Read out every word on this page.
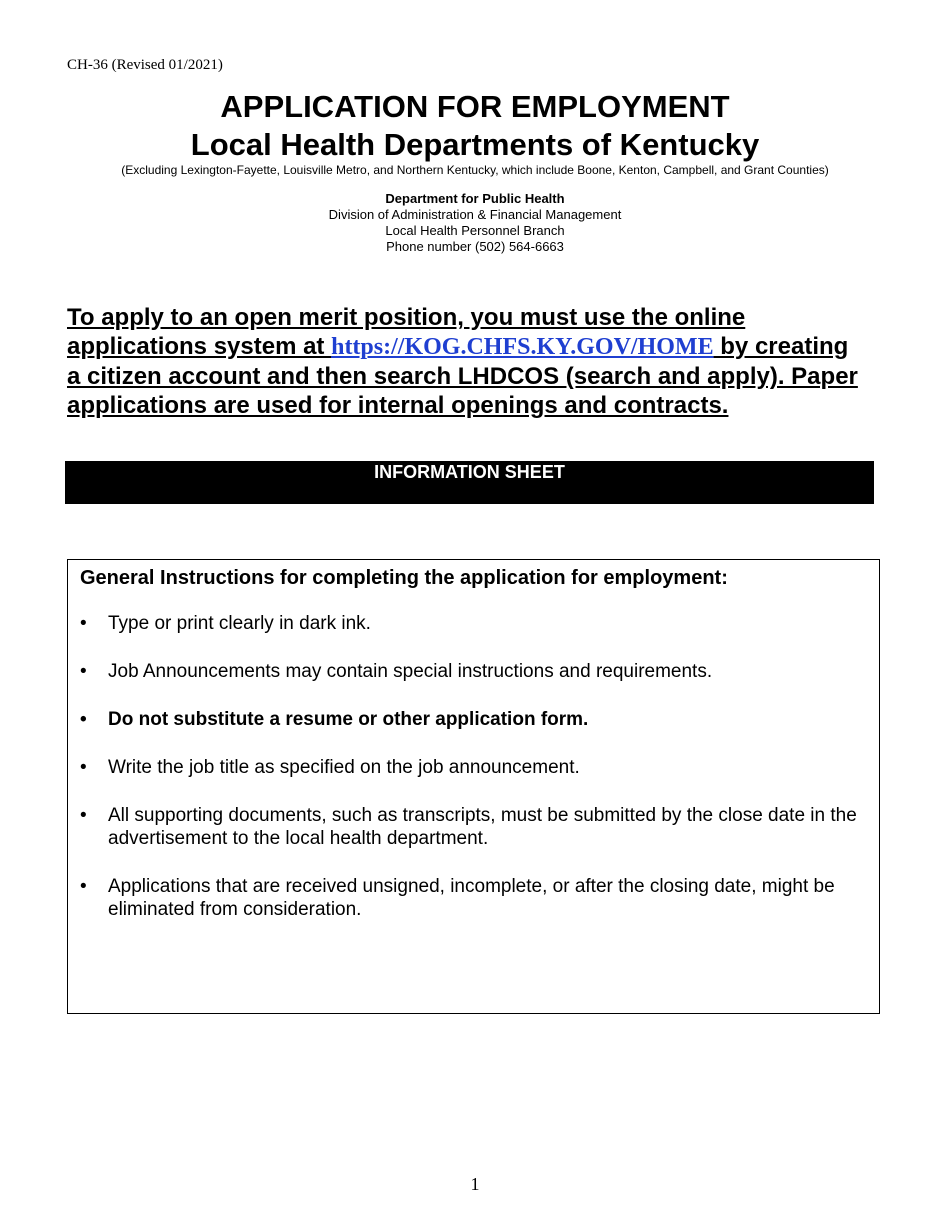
CH-36 (Revised 01/2021)
APPLICATION FOR EMPLOYMENT
Local Health Departments of Kentucky
(Excluding Lexington-Fayette, Louisville Metro, and Northern Kentucky, which include Boone, Kenton, Campbell, and Grant Counties)
Department for Public Health
Division of Administration & Financial Management
Local Health Personnel Branch
Phone number (502) 564-6663
To apply to an open merit position, you must use the online applications system at https://KOG.CHFS.KY.GOV/HOME by creating a citizen account and then search LHDCOS (search and apply). Paper applications are used for internal openings and contracts.
INFORMATION SHEET
General Instructions for completing the application for employment:
• Type or print clearly in dark ink.
• Job Announcements may contain special instructions and requirements.
• Do not substitute a resume or other application form.
• Write the job title as specified on the job announcement.
• All supporting documents, such as transcripts, must be submitted by the close date in the advertisement to the local health department.
• Applications that are received unsigned, incomplete, or after the closing date, might be eliminated from consideration.
1
